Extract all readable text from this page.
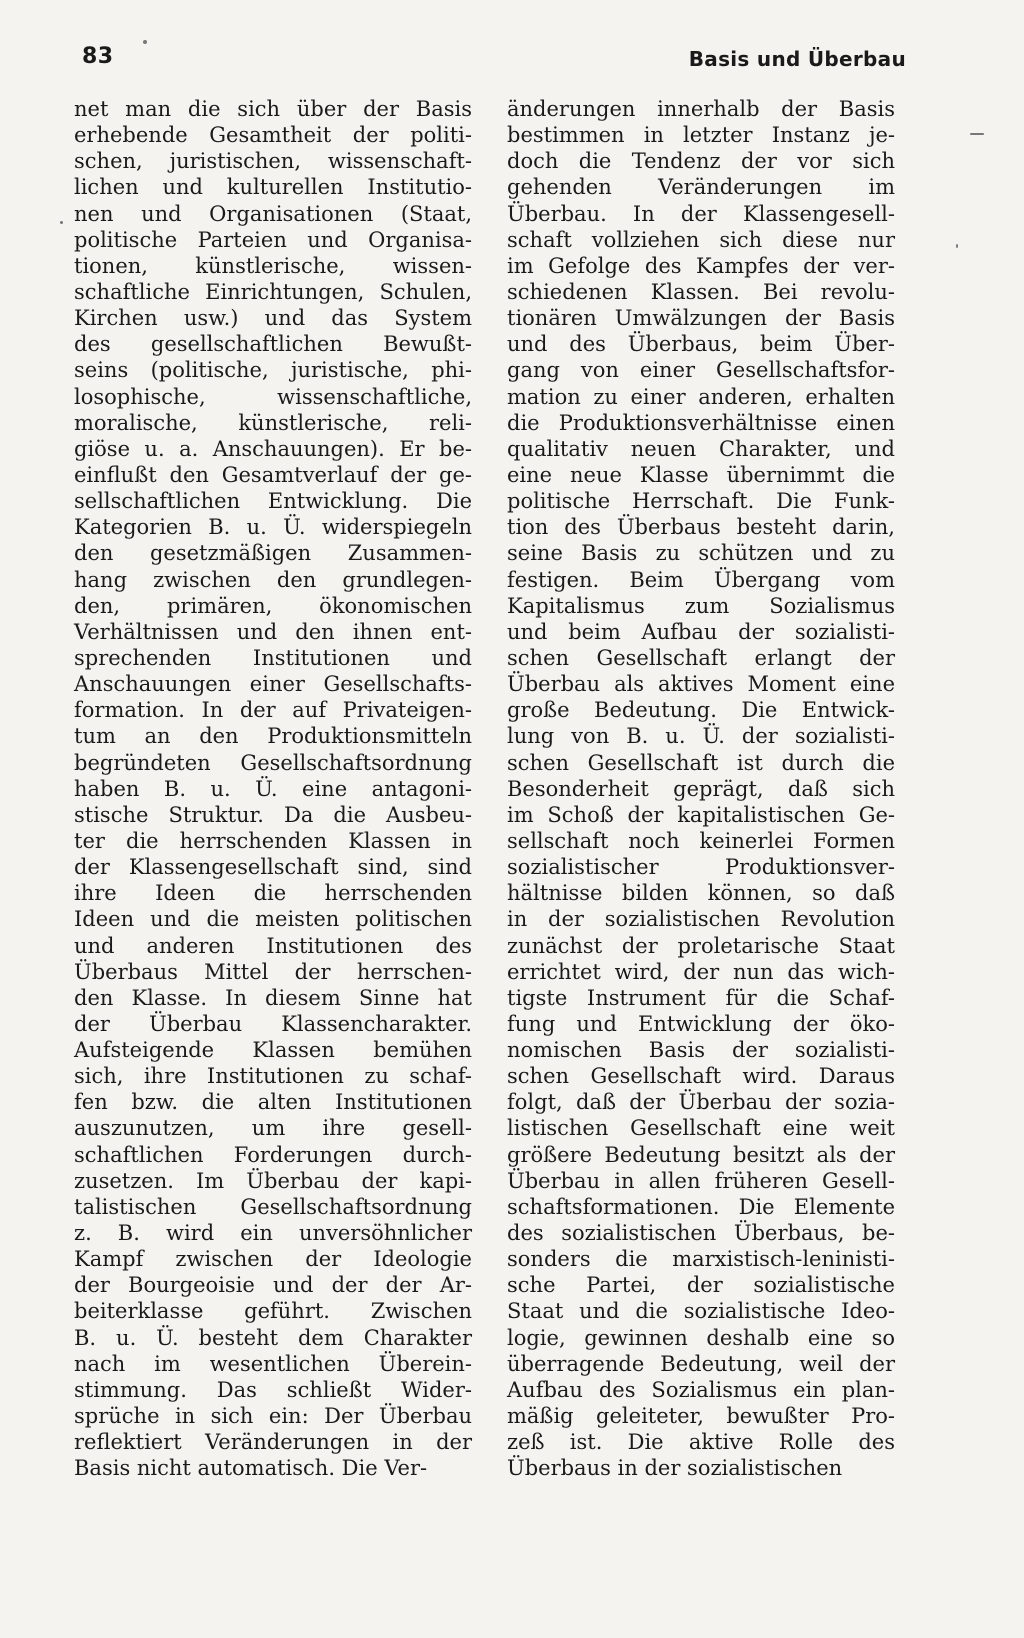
83	Basis und Überbau
net man die sich über der Basis
erhebende Gesamtheit der politi-
schen, juristischen, wissenschaft-
lichen und kulturellen Institutio-
nen und Organisationen (Staat,
politische Parteien und Organisa-
tionen, künstlerische, wissen-
schaftliche Einrichtungen, Schulen,
Kirchen usw.) und das System
des gesellschaftlichen Bewußt-
seins (politische, juristische, phi-
losophische, wissenschaftliche,
moralische, künstlerische, reli-
giöse u. a. Anschauungen). Er be-
einflußt den Gesamtverlauf der ge-
sellschaftlichen Entwicklung. Die
Kategorien B. u. Ü. widerspiegeln
den gesetzmäßigen Zusammen-
hang zwischen den grundlegen-
den, primären, ökonomischen
Verhältnissen und den ihnen ent-
sprechenden Institutionen und
Anschauungen einer Gesellschafts-
formation. In der auf Privateigen-
tum an den Produktionsmitteln
begründeten Gesellschaftsordnung
haben B. u. Ü. eine antagoni-
stische Struktur. Da die Ausbeu-
ter die herrschenden Klassen in
der Klassengesellschaft sind, sind
ihre Ideen die herrschenden
Ideen und die meisten politischen
und anderen Institutionen des
Überbaus Mittel der herrschen-
den Klasse. In diesem Sinne hat
der Überbau Klassencharakter.
Aufsteigende Klassen bemühen
sich, ihre Institutionen zu schaf-
fen bzw. die alten Institutionen
auszunutzen, um ihre gesell-
schaftlichen Forderungen durch-
zusetzen. Im Überbau der kapi-
talistischen Gesellschaftsordnung
z. B. wird ein unversöhnlicher
Kampf zwischen der Ideologie
der Bourgeoisie und der der Ar-
beiterklasse geführt. Zwischen
B. u. Ü. besteht dem Charakter
nach im wesentlichen Überein-
stimmung. Das schließt Wider-
sprüche in sich ein: Der Überbau
reflektiert Veränderungen in der
Basis nicht automatisch. Die Ver-
änderungen innerhalb der Basis
bestimmen in letzter Instanz je-
doch die Tendenz der vor sich
gehenden Veränderungen im
Überbau. In der Klassengesell-
schaft vollziehen sich diese nur
im Gefolge des Kampfes der ver-
schiedenen Klassen. Bei revolu-
tionären Umwälzungen der Basis
und des Überbaus, beim Über-
gang von einer Gesellschaftsfor-
mation zu einer anderen, erhalten
die Produktionsverhältnisse einen
qualitativ neuen Charakter, und
eine neue Klasse übernimmt die
politische Herrschaft. Die Funk-
tion des Überbaus besteht darin,
seine Basis zu schützen und zu
festigen. Beim Übergang vom
Kapitalismus zum Sozialismus
und beim Aufbau der sozialisti-
schen Gesellschaft erlangt der
Überbau als aktives Moment eine
große Bedeutung. Die Entwick-
lung von B. u. Ü. der sozialisti-
schen Gesellschaft ist durch die
Besonderheit geprägt, daß sich
im Schoß der kapitalistischen Ge-
sellschaft noch keinerlei Formen
sozialistischer Produktionsver-
hältnisse bilden können, so daß
in der sozialistischen Revolution
zunächst der proletarische Staat
errichtet wird, der nun das wich-
tigste Instrument für die Schaf-
fung und Entwicklung der öko-
nomischen Basis der sozialisti-
schen Gesellschaft wird. Daraus
folgt, daß der Überbau der sozia-
listischen Gesellschaft eine weit
größere Bedeutung besitzt als der
Überbau in allen früheren Gesell-
schaftsformationen. Die Elemente
des sozialistischen Überbaus, be-
sonders die marxistisch-leninisti-
sche Partei, der sozialistische
Staat und die sozialistische Ideo-
logie, gewinnen deshalb eine so
überragende Bedeutung, weil der
Aufbau des Sozialismus ein plan-
mäßig geleiteter, bewußter Pro-
zeß ist. Die aktive Rolle des
Überbaus in der sozialistischen
